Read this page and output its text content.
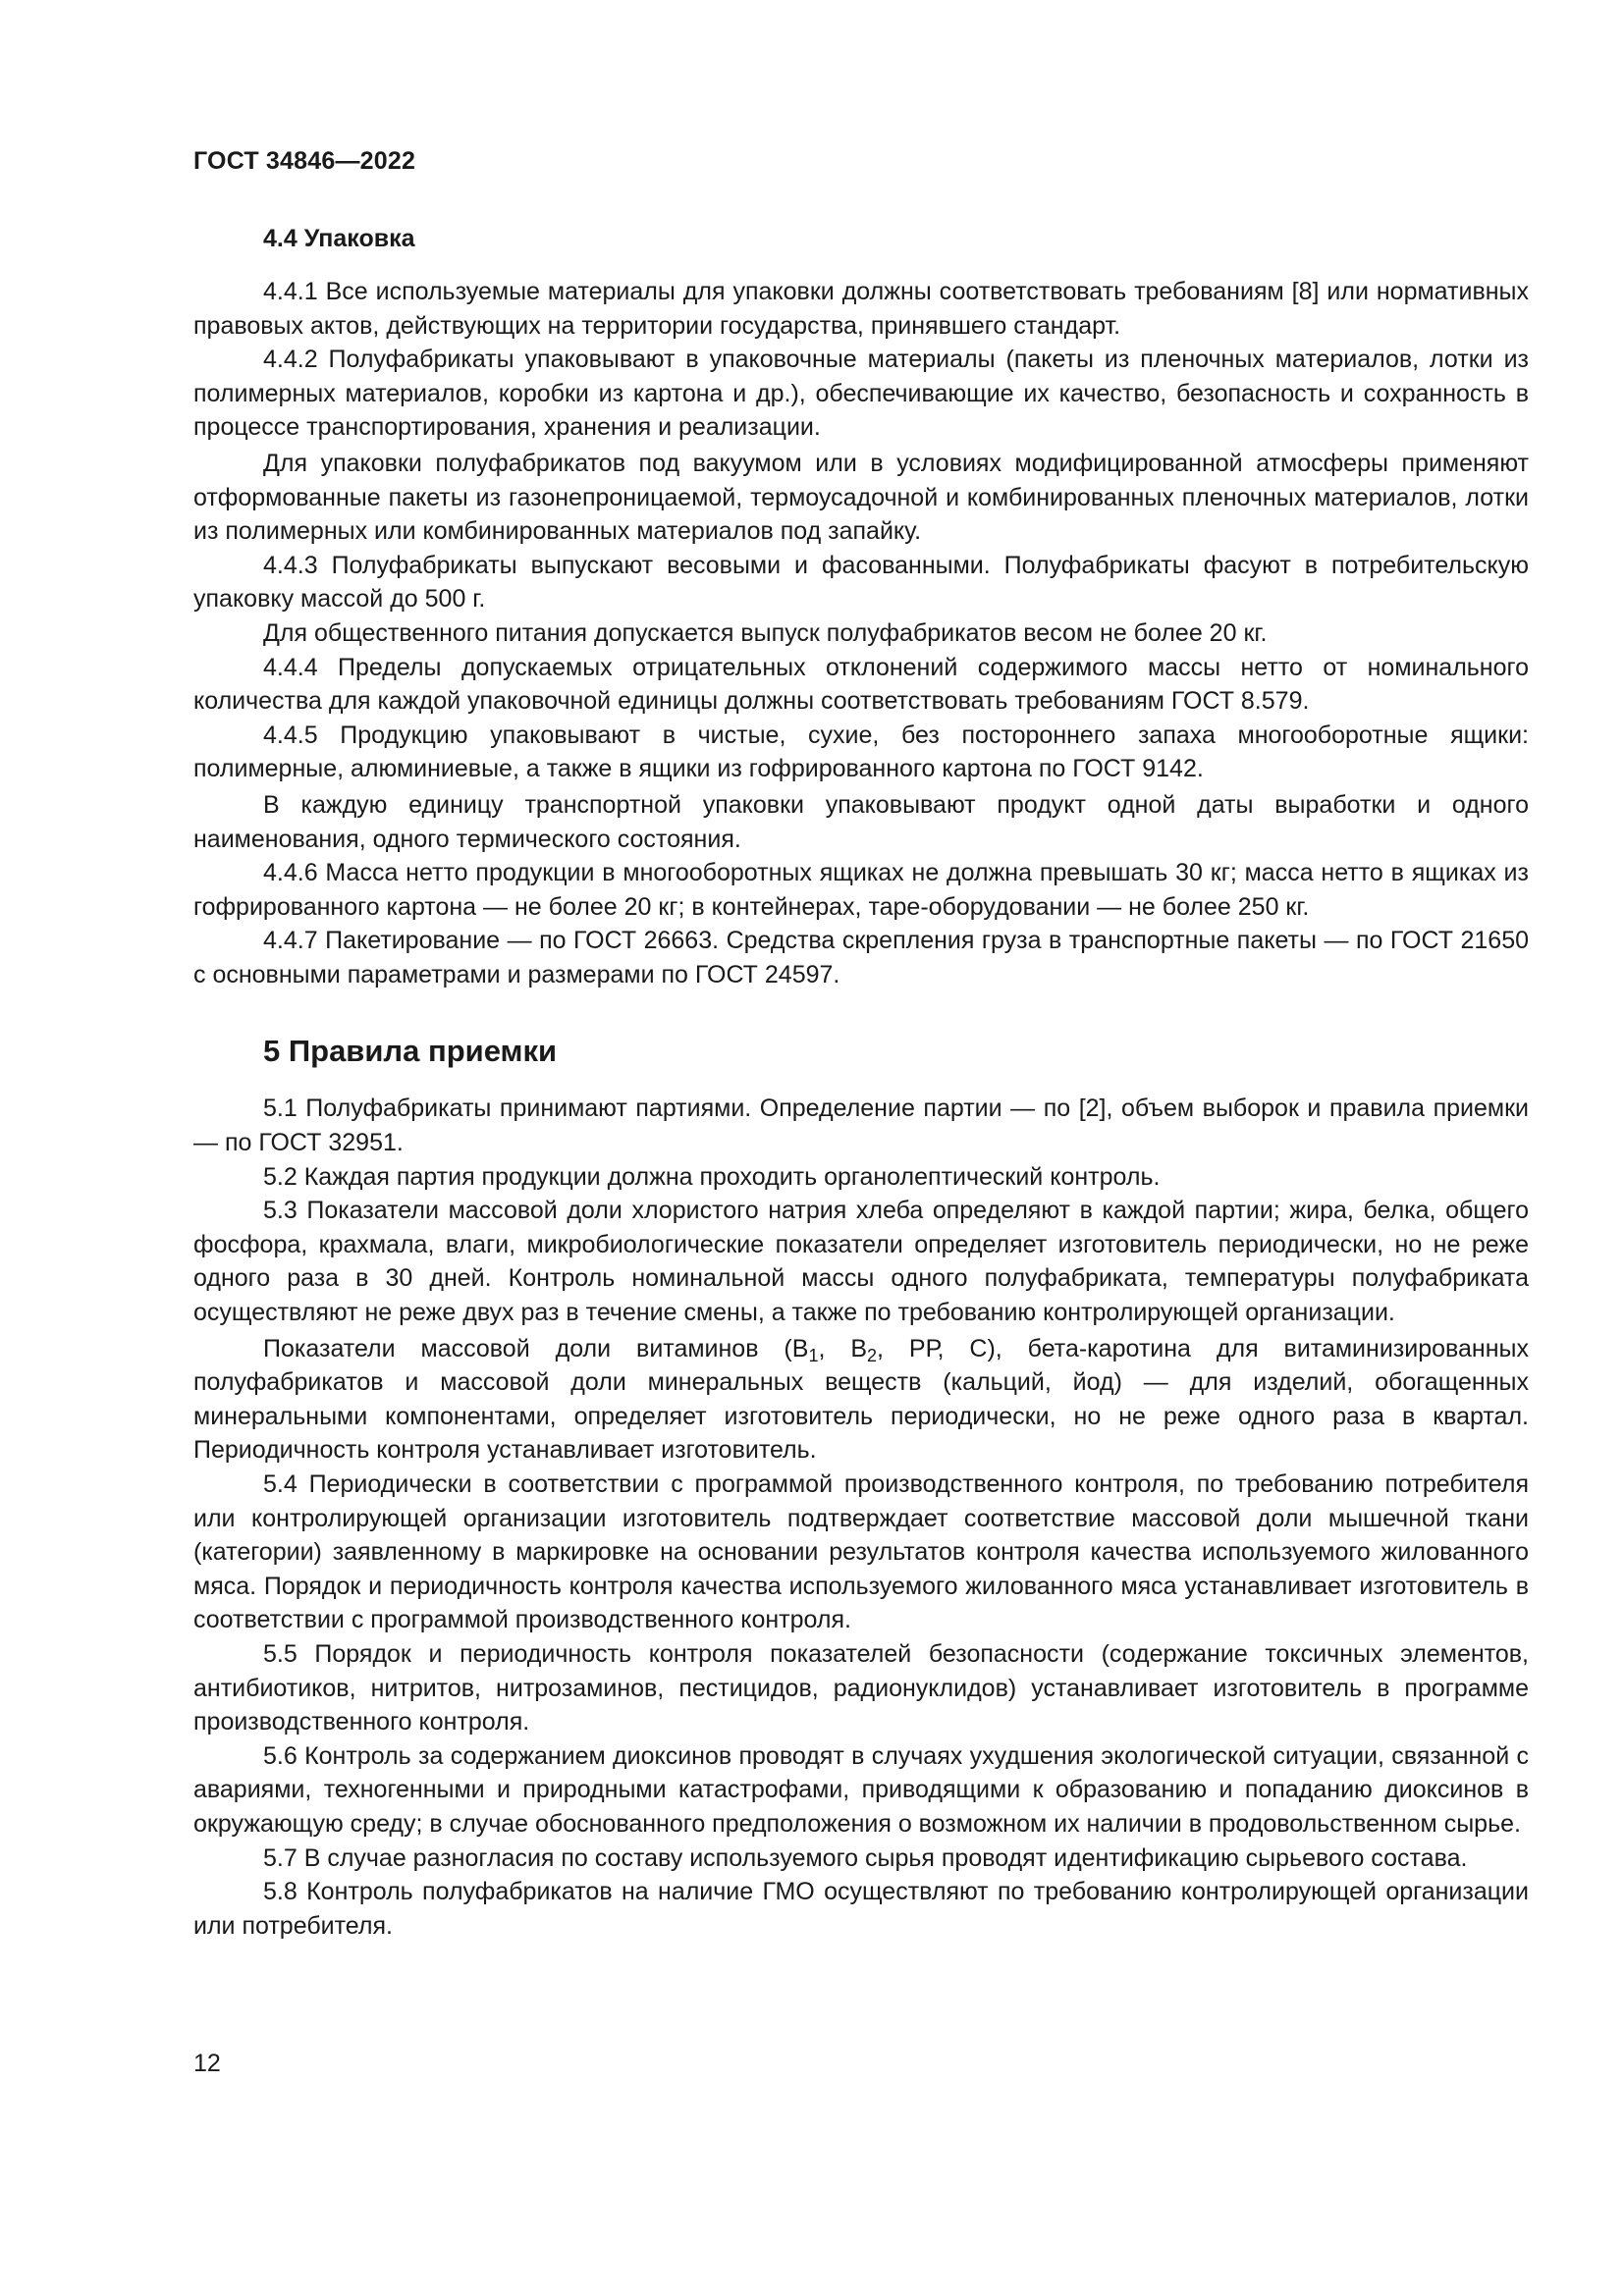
ГОСТ 34846—2022
4.4 Упаковка

4.4.1 Все используемые материалы для упаковки должны соответствовать требованиям [8] или нормативных правовых актов, действующих на территории государства, принявшего стандарт.

4.4.2 Полуфабрикаты упаковывают в упаковочные материалы (пакеты из пленочных материалов, лотки из полимерных материалов, коробки из картона и др.), обеспечивающие их качество, безопасность и сохранность в процессе транспортирования, хранения и реализации.

Для упаковки полуфабрикатов под вакуумом или в условиях модифицированной атмосферы применяют отформованные пакеты из газонепроницаемой, термоусадочной и комбинированных пленочных материалов, лотки из полимерных или комбинированных материалов под запайку.

4.4.3 Полуфабрикаты выпускают весовыми и фасованными. Полуфабрикаты фасуют в потребительскую упаковку массой до 500 г.

Для общественного питания допускается выпуск полуфабрикатов весом не более 20 кг.

4.4.4 Пределы допускаемых отрицательных отклонений содержимого массы нетто от номинального количества для каждой упаковочной единицы должны соответствовать требованиям ГОСТ 8.579.

4.4.5 Продукцию упаковывают в чистые, сухие, без постороннего запаха многооборотные ящики: полимерные, алюминиевые, а также в ящики из гофрированного картона по ГОСТ 9142.

В каждую единицу транспортной упаковки упаковывают продукт одной даты выработки и одного наименования, одного термического состояния.

4.4.6 Масса нетто продукции в многооборотных ящиках не должна превышать 30 кг; масса нетто в ящиках из гофрированного картона — не более 20 кг; в контейнерах, таре-оборудовании — не более 250 кг.

4.4.7 Пакетирование — по ГОСТ 26663. Средства скрепления груза в транспортные пакеты — по ГОСТ 21650 с основными параметрами и размерами по ГОСТ 24597.

5 Правила приемки

5.1 Полуфабрикаты принимают партиями. Определение партии — по [2], объем выборок и правила приемки — по ГОСТ 32951.

5.2 Каждая партия продукции должна проходить органолептический контроль.

5.3 Показатели массовой доли хлористого натрия хлеба определяют в каждой партии; жира, белка, общего фосфора, крахмала, влаги, микробиологические показатели определяет изготовитель периодически, но не реже одного раза в 30 дней. Контроль номинальной массы одного полуфабриката, температуры полуфабриката осуществляют не реже двух раз в течение смены, а также по требованию контролирующей организации.

Показатели массовой доли витаминов ($В_1$, $В_2$, РР, С), бета-каротина для витаминизированных полуфабрикатов и массовой доли минеральных веществ (кальций, йод) — для изделий, обогащенных минеральными компонентами, определяет изготовитель периодически, но не реже одного раза в квартал. Периодичность контроля устанавливает изготовитель.

5.4 Периодически в соответствии с программой производственного контроля, по требованию потребителя или контролирующей организации изготовитель подтверждает соответствие массовой доли мышечной ткани (категории) заявленному в маркировке на основании результатов контроля качества используемого жилованного мяса. Порядок и периодичность контроля качества используемого жилованного мяса устанавливает изготовитель в соответствии с программой производственного контроля.

5.5 Порядок и периодичность контроля показателей безопасности (содержание токсичных элементов, антибиотиков, нитритов, нитрозаминов, пестицидов, радионуклидов) устанавливает изготовитель в программе производственного контроля.

5.6 Контроль за содержанием диоксинов проводят в случаях ухудшения экологической ситуации, связанной с авариями, техногенными и природными катастрофами, приводящими к образованию и попаданию диоксинов в окружающую среду; в случае обоснованного предположения о возможном их наличии в продовольственном сырье.

5.7 В случае разногласия по составу используемого сырья проводят идентификацию сырьевого состава.

5.8 Контроль полуфабрикатов на наличие ГМО осуществляют по требованию контролирующей организации или потребителя.

12
